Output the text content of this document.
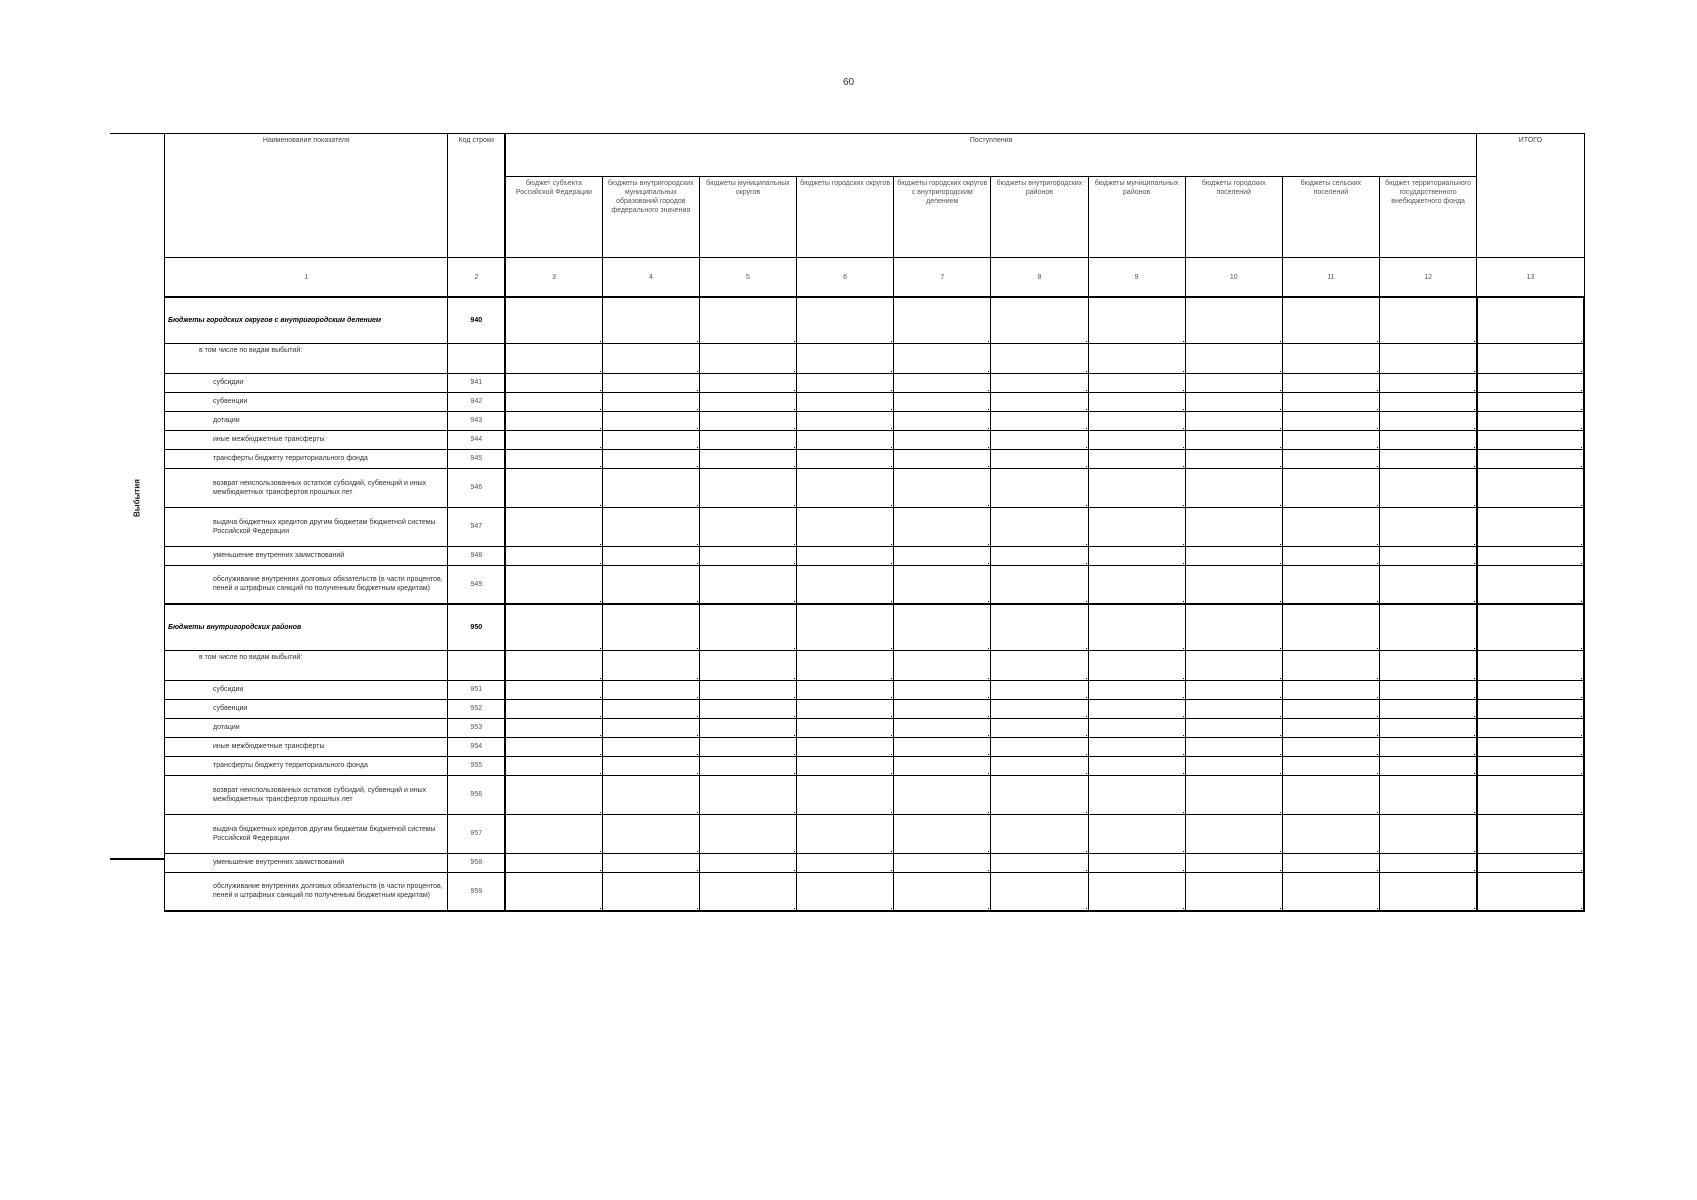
60
Выбытия
Наименование показателя	Код строки	Поступления										ИТОГО
		бюджет субъекта Российской Федерации	бюджеты внутригородских муниципальных образований городов федерального значения	бюджеты муниципальных округов	бюджеты городских округов	бюджеты городских округов с внутригородским делением	бюджеты внутригородских районов	бюджеты муниципальных районов	бюджеты городских поселений	бюджеты сельских поселений	бюджет территориального государственного внебюджетного фонда	
1	2	3	4	5	6	7	8	9	10	11	12	13
Бюджеты городских округов с внутригородским делением	940											
в том числе по видам выбытий:												
субсидии	941											
субвенции	942											
дотации	943											
иные межбюджетные трансферты	944											
трансферты бюджету территориального фонда	945											
возврат неиспользованных остатков субсидий, субвенций и иных межбюджетных трансфертов прошлых лет	946											
выдача бюджетных кредитов другим бюджетам бюджетной системы Российской Федерации	947											
уменьшение внутренних заимствований	948											
обслуживание внутренних долговых обязательств (в части процентов, пеней и штрафных санкций по полученным бюджетным кредитам)	949											
Бюджеты внутригородских районов	950											
в том числе по видам выбытий:												
субсидии	951											
субвенции	952											
дотации	953											
иные межбюджетные трансферты	954											
трансферты бюджету территориального фонда	955											
возврат неиспользованных остатков субсидий, субвенций и иных межбюджетных трансфертов прошлых лет	956											
выдача бюджетных кредитов другим бюджетам бюджетной системы Российской Федерации	957											
уменьшение внутренних заимствований	958											
обслуживание внутренних долговых обязательств (в части процентов, пеней и штрафных санкций по полученным бюджетным кредитам)	959											
